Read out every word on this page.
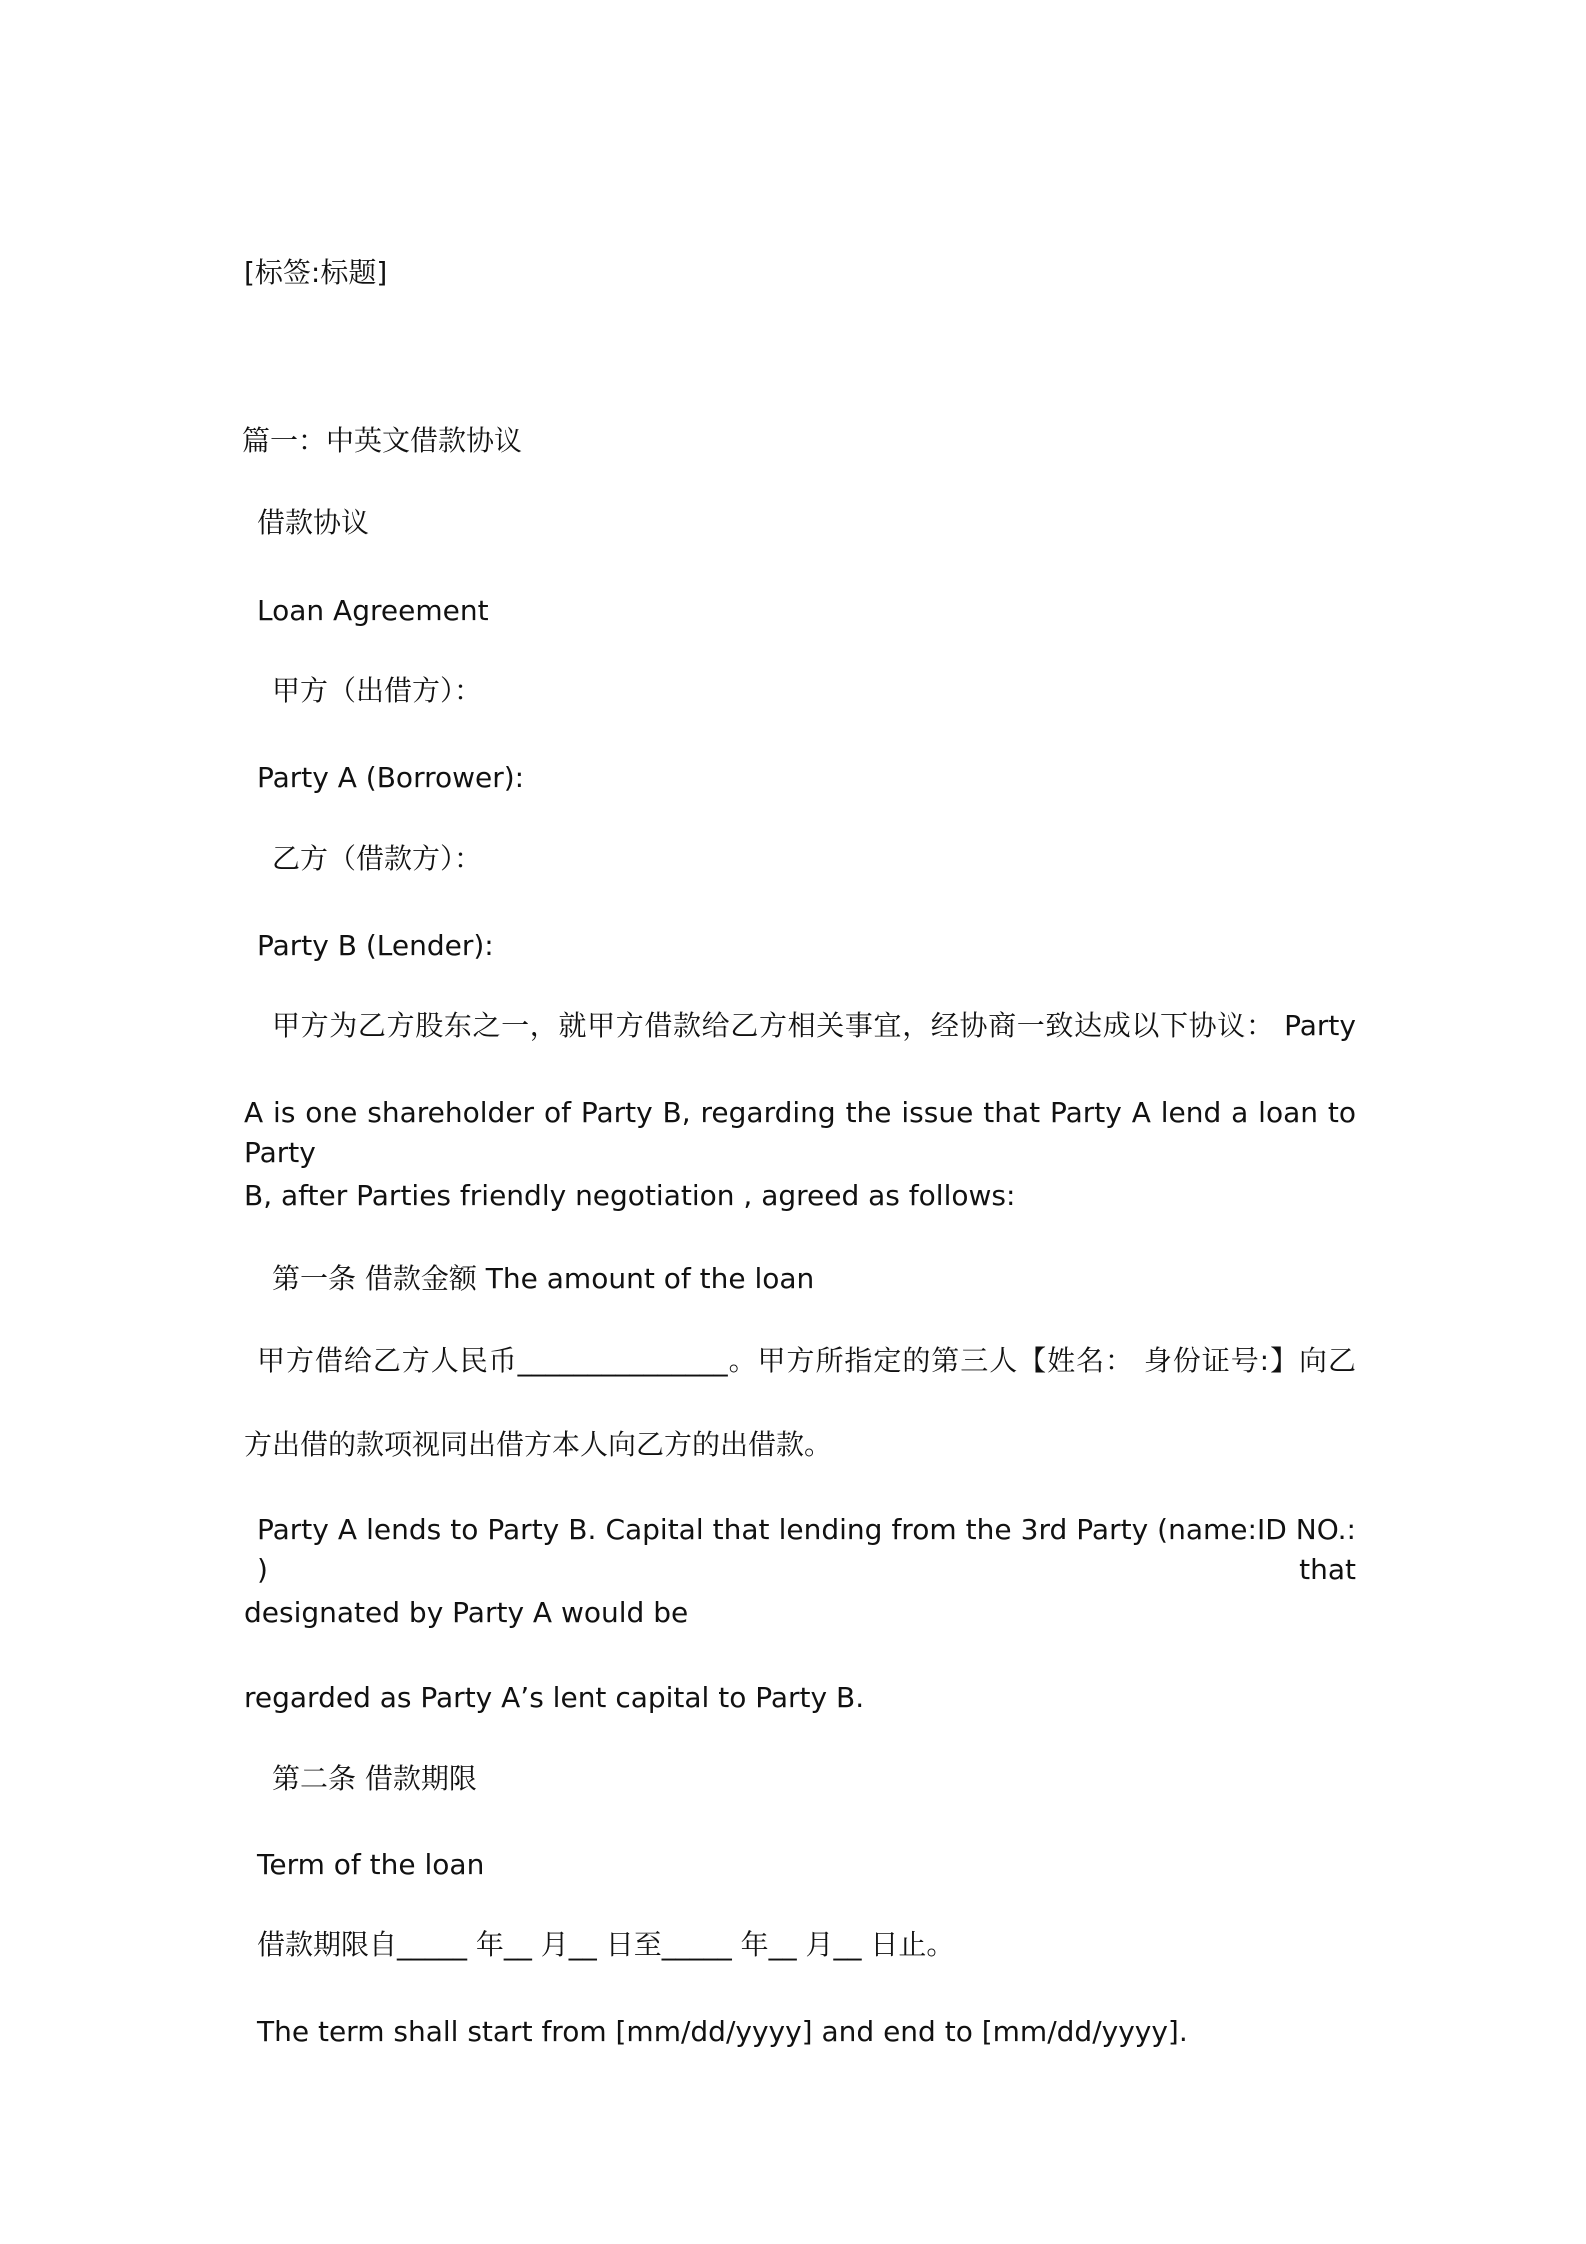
[标签:标题]
篇一：中英文借款协议
借款协议
Loan Agreement
甲方（出借方）：
Party A (Borrower):
乙方（借款方）：
Party B (Lender):
甲方为乙方股东之一，就甲方借款给乙方相关事宜，经协商一致达成以下协议： Party
A is one shareholder of Party B, regarding the issue that Party A lend a loan to Party
B, after Parties friendly negotiation , agreed as follows:
第一条 借款金额 The amount of the loan
甲方借给乙方人民币_______________。甲方所指定的第三人【姓名： 身份证号:】向乙
方出借的款项视同出借方本人向乙方的出借款。
Party A lends to Party B. Capital that lending from the 3rd Party (name:ID NO.: ) that
designated by Party A would be
regarded as Party A’s lent capital to Party B.
第二条 借款期限
Term of the loan
借款期限自_____ 年__ 月__ 日至_____ 年__ 月__ 日止。
The term shall start from [mm/dd/yyyy] and end to [mm/dd/yyyy].
